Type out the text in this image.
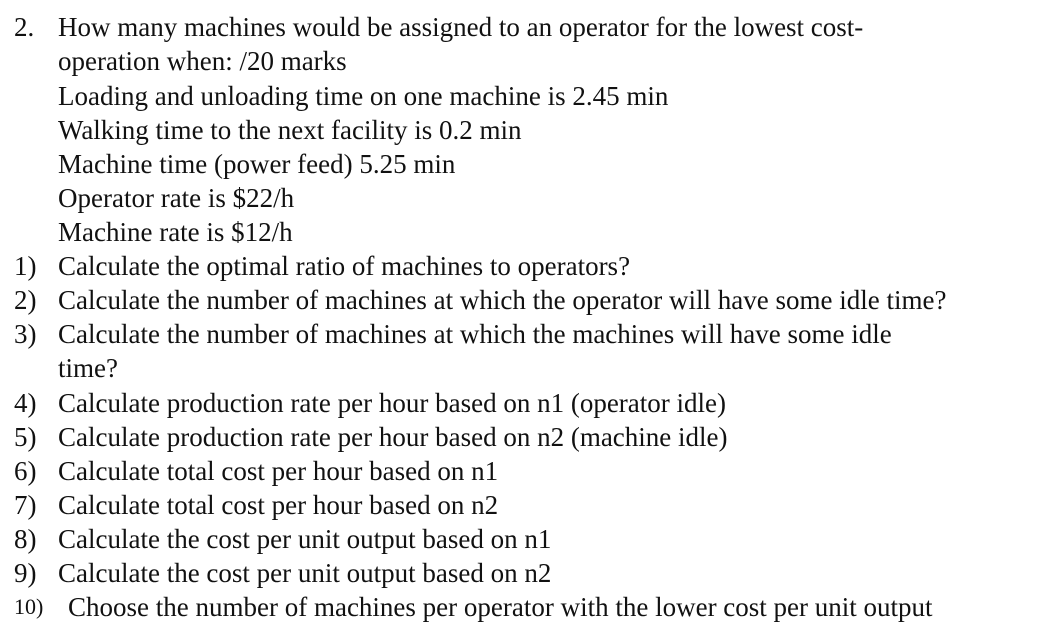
2. How many machines would be assigned to an operator for the lowest cost-
operation when: /20 marks
Loading and unloading time on one machine is 2.45 min
Walking time to the next facility is 0.2 min
Machine time (power feed) 5.25 min
Operator rate is $22/h
Machine rate is $12/h
1) Calculate the optimal ratio of machines to operators?
2) Calculate the number of machines at which the operator will have some idle time?
3) Calculate the number of machines at which the machines will have some idle
time?
4) Calculate production rate per hour based on n1 (operator idle)
5) Calculate production rate per hour based on n2 (machine idle)
6) Calculate total cost per hour based on n1
7) Calculate total cost per hour based on n2
8) Calculate the cost per unit output based on n1
9) Calculate the cost per unit output based on n2
10) Choose the number of machines per operator with the lower cost per unit output
